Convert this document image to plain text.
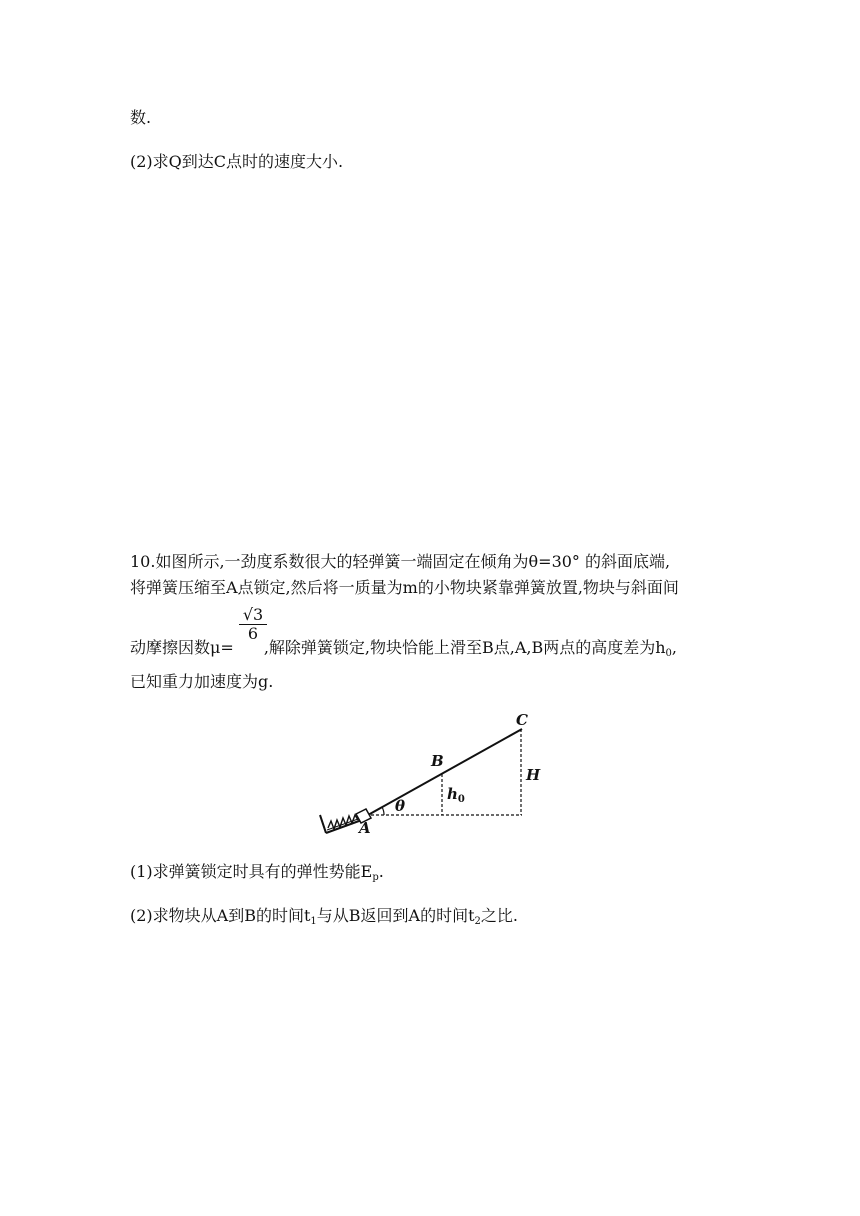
数.
(2)求Q到达C点时的速度大小.
10.如图所示,一劲度系数很大的轻弹簧一端固定在倾角为θ=30° 的斜面底端,
将弹簧压缩至A点锁定,然后将一质量为m的小物块紧靠弹簧放置,物块与斜面间
动摩擦因数μ= ,解除弹簧锁定,物块恰能上滑至B点,A,B两点的高度差为$h_0$,
$\frac{√3}{6}$
已知重力加速度为g.
A
B
C
θ
$h_0$
H
(1)求弹簧锁定时具有的弹性势能$E_p$.
(2)求物块从A到B的时间$t_1$与从B返回到A的时间$t_2$之比.
